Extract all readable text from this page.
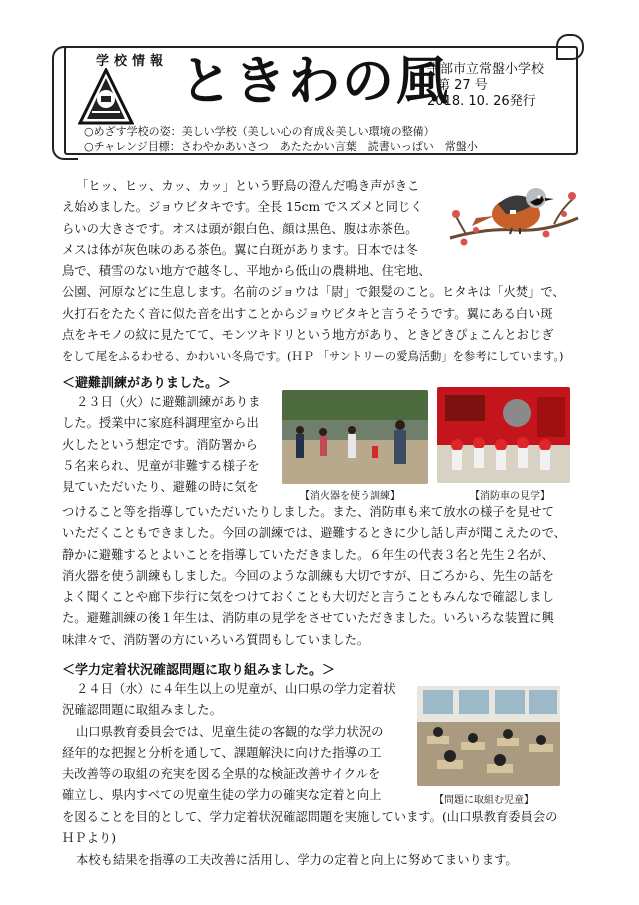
学校情報 ときわの風
宇部市立常盤小学校
第 27 号
2018. 10. 26発行
○めざす学校の姿：美しい学校（美しい心の育成＆美しい環境の整備）
○チャレンジ目標：さわやかあいさつ　あたたかい言葉　読書いっぱい　常盤小
「ヒッ、ヒッ、カッ、カッ」という野鳥の澄んだ鳴き声がきこ
え始めました。ジョウビタキです。全長 15cm でスズメと同じく
らいの大きさです。オスは頭が銀白色、顔は黒色、腹は赤茶色。
メスは体が灰色味のある茶色。翼に白斑があります。日本では冬
鳥で、積雪のない地方で越冬し、平地から低山の農耕地、住宅地、
公園、河原などに生息します。名前のジョウは「尉」で銀髪のこと。ヒタキは「火焚」で、
火打石をたたく音に似た音を出すことからジョウビタキと言うそうです。翼にある白い斑
点をキモノの紋に見たてて、モンツキドリという地方があり、ときどきぴょこんとおじぎ
をして尾をふるわせる、かわいい冬鳥です。(ＨＰ 「サントリーの愛鳥活動」を参考にしています。)
＜避難訓練がありました。＞
２３日（火）に避難訓練がありま
した。授業中に家庭科調理室から出
火したという想定です。消防署から
５名来られ、児童が非難する様子を
見ていただいたり、避難の時に気を
【消火器を使う訓練】	【消防車の見学】
つけること等を指導していただいたりしました。また、消防車も来て放水の様子を見せて
いただくこともできました。今回の訓練では、避難するときに少し話し声が聞こえたので、
静かに避難するとよいことを指導していただきました。６年生の代表３名と先生２名が、
消火器を使う訓練もしました。今回のような訓練も大切ですが、日ごろから、先生の話を
よく聞くことや廊下歩行に気をつけておくことも大切だと言うこともみんなで確認しまし
た。避難訓練の後１年生は、消防車の見学をさせていただきました。いろいろな装置に興
味津々で、消防署の方にいろいろ質問もしていました。
＜学力定着状況確認問題に取り組みました。＞
２４日（水）に４年生以上の児童が、山口県の学力定着状
況確認問題に取組みました。
山口県教育委員会では、児童生徒の客観的な学力状況の
経年的な把握と分析を通して、課題解決に向けた指導の工
夫改善等の取組の充実を図る全県的な検証改善サイクルを
確立し、県内すべての児童生徒の学力の確実な定着と向上	【問題に取組む児童】
を図ることを目的として、学力定着状況確認問題を実施しています。(山口県教育委員会の
ＨＰより)
本校も結果を指導の工夫改善に活用し、学力の定着と向上に努めてまいります。
